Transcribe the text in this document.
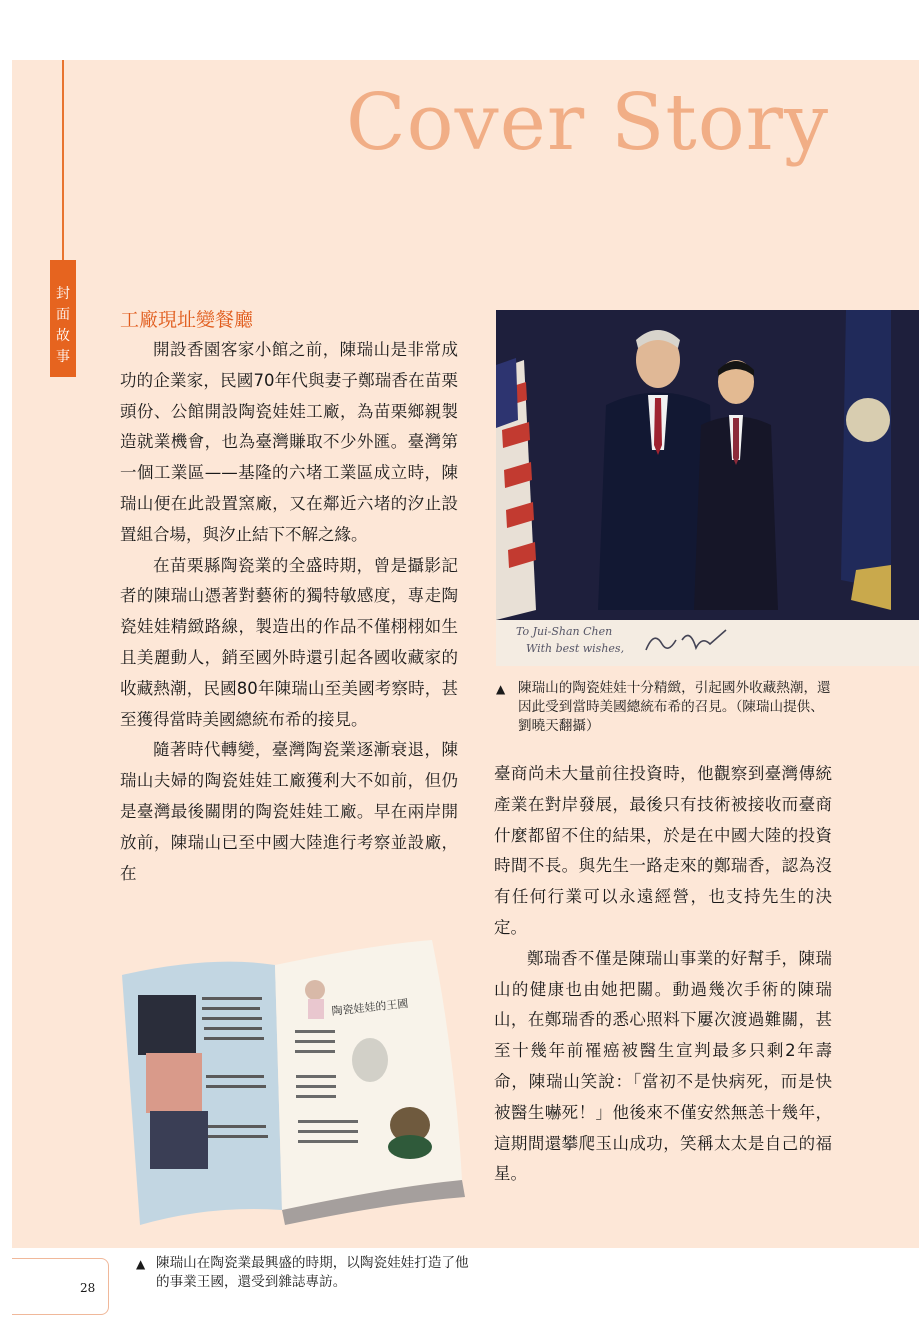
Cover Story
封
面
故
事
工廠現址變餐廳

開設香園客家小館之前，陳瑞山是非常成功的企業家，民國70年代與妻子鄭瑞香在苗栗頭份、公館開設陶瓷娃娃工廠，為苗栗鄉親製造就業機會，也為臺灣賺取不少外匯。臺灣第一個工業區——基隆的六堵工業區成立時，陳瑞山便在此設置窯廠，又在鄰近六堵的汐止設置組合場，與汐止結下不解之緣。

在苗栗縣陶瓷業的全盛時期，曾是攝影記者的陳瑞山憑著對藝術的獨特敏感度，專走陶瓷娃娃精緻路線，製造出的作品不僅栩栩如生且美麗動人，銷至國外時還引起各國收藏家的收藏熱潮，民國80年陳瑞山至美國考察時，甚至獲得當時美國總統布希的接見。

隨著時代轉變，臺灣陶瓷業逐漸衰退，陳瑞山夫婦的陶瓷娃娃工廠獲利大不如前，但仍是臺灣最後關閉的陶瓷娃娃工廠。早在兩岸開放前，陳瑞山已至中國大陸進行考察並設廠，在

臺商尚未大量前往投資時，他觀察到臺灣傳統產業在對岸發展，最後只有技術被接收而臺商什麼都留不住的結果，於是在中國大陸的投資時間不長。與先生一路走來的鄭瑞香，認為沒有任何行業可以永遠經營，也支持先生的決定。

鄭瑞香不僅是陳瑞山事業的好幫手，陳瑞山的健康也由她把關。動過幾次手術的陳瑞山，在鄭瑞香的悉心照料下屢次渡過難關，甚至十幾年前罹癌被醫生宣判最多只剩2年壽命，陳瑞山笑說：「當初不是快病死，而是快被醫生嚇死！」他後來不僅安然無恙十幾年，這期間還攀爬玉山成功，笑稱太太是自己的福星。

To Jui-Shan Chen
With best wishes,
▲ 陳瑞山的陶瓷娃娃十分精緻，引起國外收藏熱潮，還因此受到當時美國總統布希的召見。（陳瑞山提供、劉曉天翻攝）
陶瓷娃娃的王國
▲ 陳瑞山在陶瓷業最興盛的時期，以陶瓷娃娃打造了他的事業王國，還受到雜誌專訪。
28
